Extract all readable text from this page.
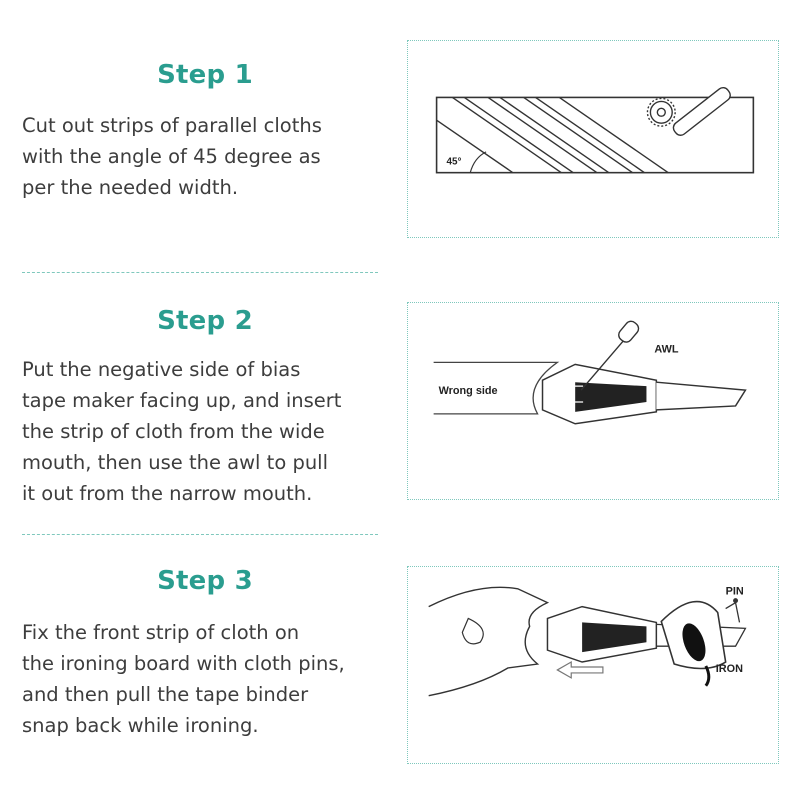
Step 1
Cut out strips of parallel cloths
with the angle of 45 degree as
per the needed width.
45°
Step 2
Put the negative side of bias
tape maker facing up, and insert
the strip of cloth from the wide
mouth, then use the awl to pull
it out from the narrow mouth.
AWL
Wrong side
Step 3
Fix the front strip of cloth on
the ironing board with cloth pins,
and then pull the tape binder
snap back while ironing.
PIN
IRON
